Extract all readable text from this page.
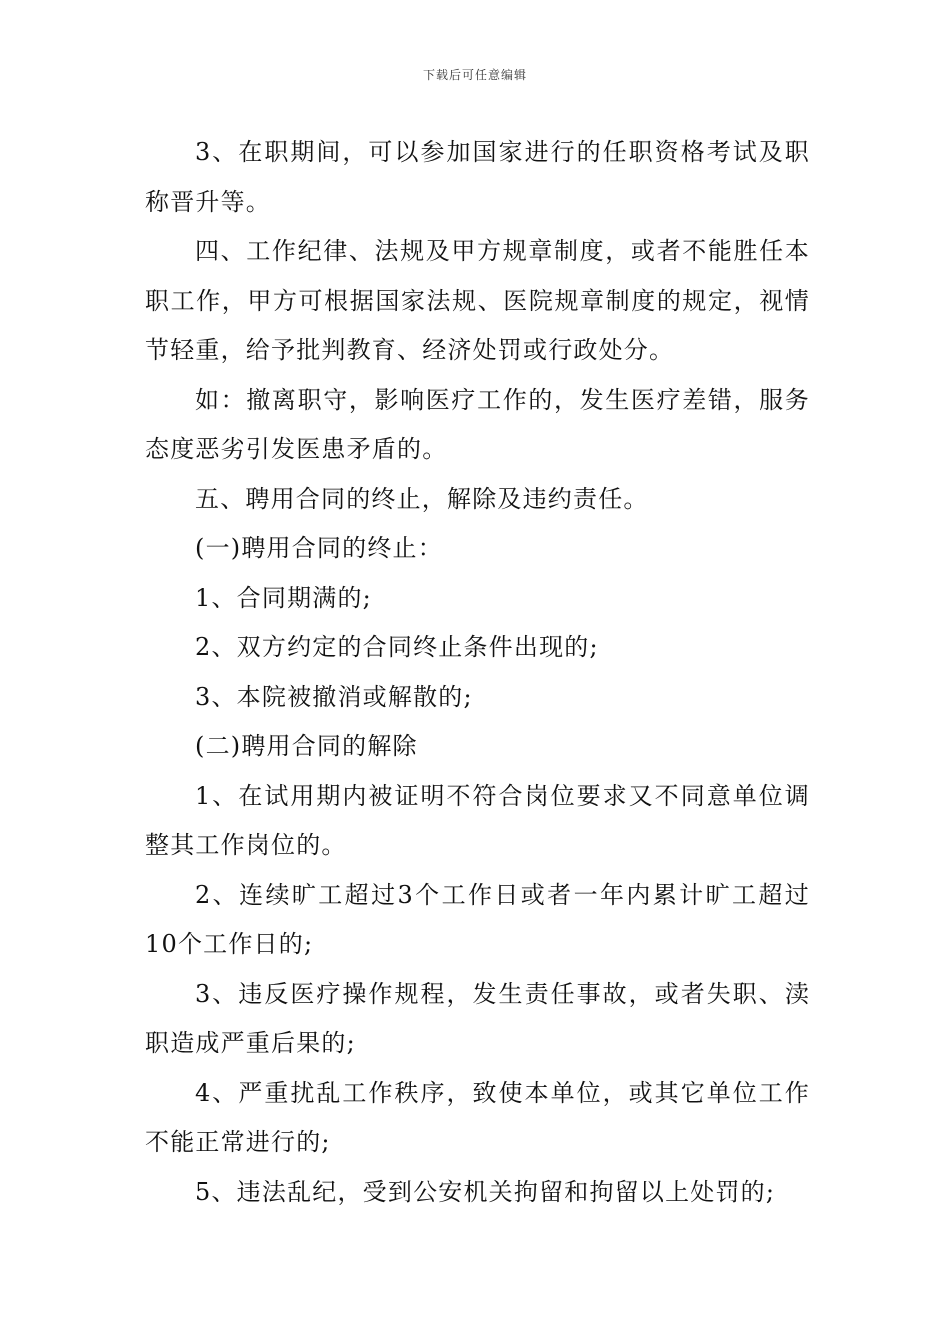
下载后可任意编辑

3、在职期间，可以参加国家进行的任职资格考试及职称晋升等。

四、工作纪律、法规及甲方规章制度，或者不能胜任本职工作，甲方可根据国家法规、医院规章制度的规定，视情节轻重，给予批判教育、经济处罚或行政处分。

如：撤离职守，影响医疗工作的，发生医疗差错，服务态度恶劣引发医患矛盾的。

五、聘用合同的终止，解除及违约责任。

(一)聘用合同的终止：

1、合同期满的;

2、双方约定的合同终止条件出现的;

3、本院被撤消或解散的;

(二)聘用合同的解除

1、在试用期内被证明不符合岗位要求又不同意单位调整其工作岗位的。

2、连续旷工超过3个工作日或者一年内累计旷工超过10个工作日的;

3、违反医疗操作规程，发生责任事故，或者失职、渎职造成严重后果的;

4、严重扰乱工作秩序，致使本单位，或其它单位工作不能正常进行的;

5、违法乱纪，受到公安机关拘留和拘留以上处罚的;
